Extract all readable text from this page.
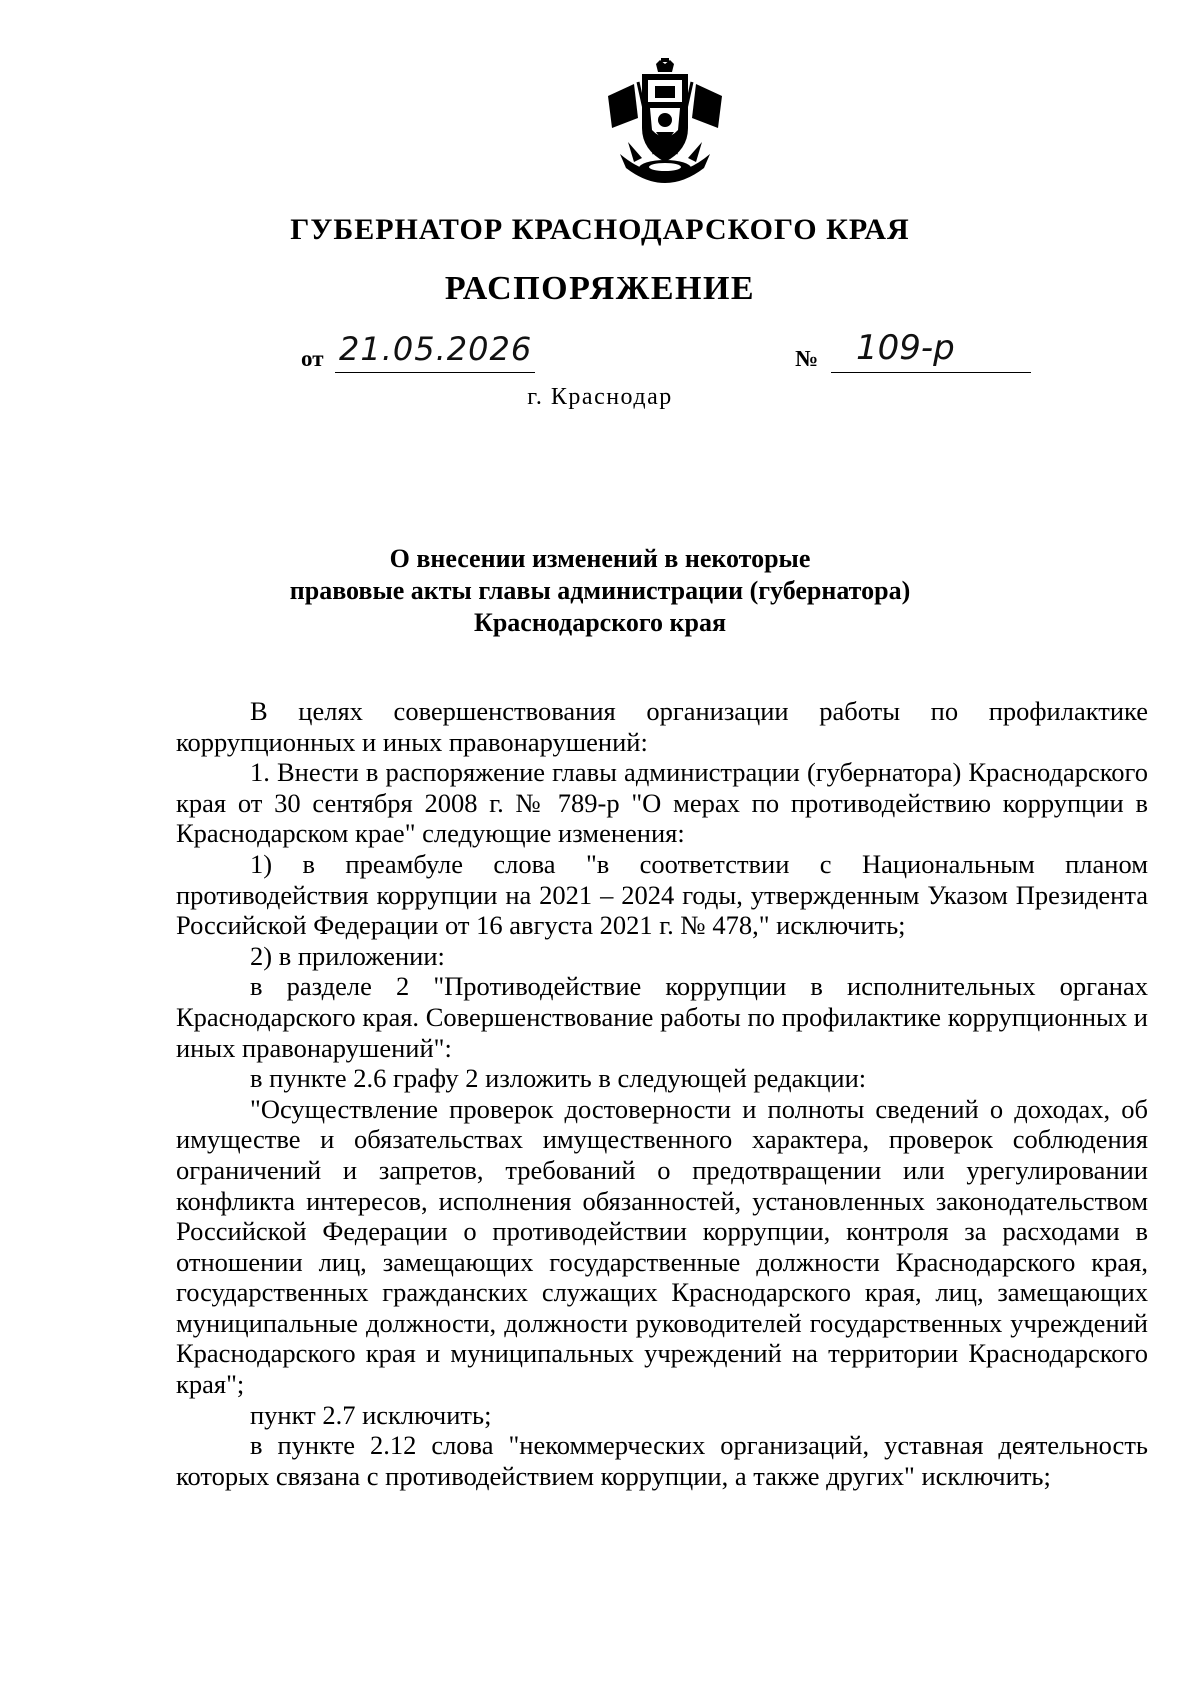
ГУБЕРНАТОР КРАСНОДАРСКОГО КРАЯ
РАСПОРЯЖЕНИЕ
от 21.05.2026	№ 109-р
г. Краснодар
О внесении изменений в некоторые
правовые акты главы администрации (губернатора)
Краснодарского края

В целях совершенствования организации работы по профилактике коррупционных и иных правонарушений:

1. Внести в распоряжение главы администрации (губернатора) Краснодарского края от 30 сентября 2008 г. № 789-р "О мерах по противодействию коррупции в Краснодарском крае" следующие изменения:

1) в преамбуле слова "в соответствии с Национальным планом противодействия коррупции на 2021 – 2024 годы, утвержденным Указом Президента Российской Федерации от 16 августа 2021 г. № 478," исключить;

2) в приложении:

в разделе 2 "Противодействие коррупции в исполнительных органах Краснодарского края. Совершенствование работы по профилактике коррупционных и иных правонарушений":

в пункте 2.6 графу 2 изложить в следующей редакции:

"Осуществление проверок достоверности и полноты сведений о доходах, об имуществе и обязательствах имущественного характера, проверок соблюдения ограничений и запретов, требований о предотвращении или урегулировании конфликта интересов, исполнения обязанностей, установленных законодательством Российской Федерации о противодействии коррупции, контроля за расходами в отношении лиц, замещающих государственные должности Краснодарского края, государственных гражданских служащих Краснодарского края, лиц, замещающих муниципальные должности, должности руководителей государственных учреждений Краснодарского края и муниципальных учреждений на территории Краснодарского края";

пункт 2.7 исключить;

в пункте 2.12 слова "некоммерческих организаций, уставная деятельность которых связана с противодействием коррупции, а также других" исключить;
